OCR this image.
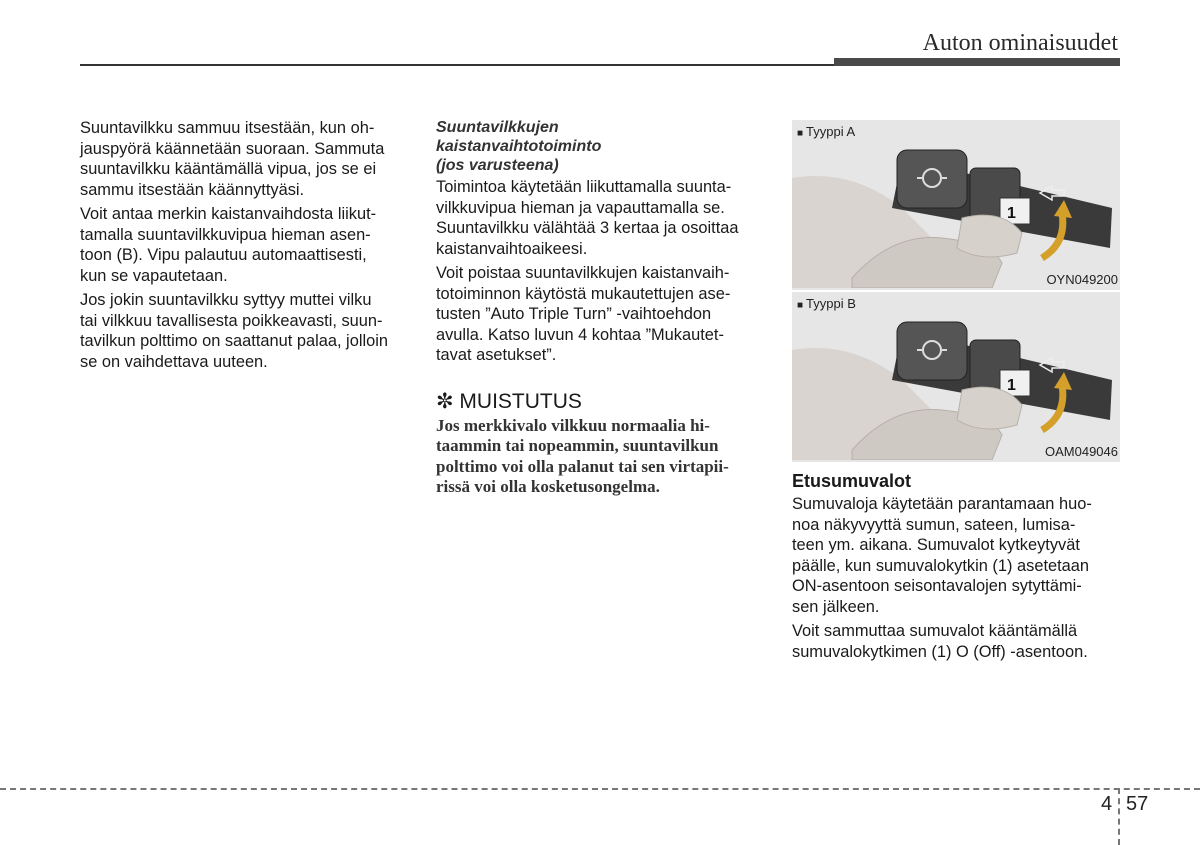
Auton ominaisuudet

Suuntavilkku sammuu itsestään, kun oh-
jauspyörä käännetään suoraan. Sammuta
suuntavilkku kääntämällä vipua, jos se ei
sammu itsestään käännyttyäsi.

Voit antaa merkin kaistanvaihdosta liikut-
tamalla suuntavilkkuvipua hieman asen-
toon (B). Vipu palautuu automaattisesti,
kun se vapautetaan.

Jos jokin suuntavilkku syttyy muttei vilku
tai vilkkuu tavallisesta poikkeavasti, suun-
tavilkun polttimo on saattanut palaa, jolloin
se on vaihdettava uuteen.

Suuntavilkkujen
kaistanvaihtotoiminto
(jos varusteena)

Toimintoa käytetään liikuttamalla suunta-
vilkkuvipua hieman ja vapauttamalla se.
Suuntavilkku välähtää 3 kertaa ja osoittaa
kaistanvaihtoaikeesi.

Voit poistaa suuntavilkkujen kaistanvaih-
totoiminnon käytöstä mukautettujen ase-
tusten ”Auto Triple Turn” -vaihtoehdon
avulla. Katso luvun 4 kohtaa ”Mukautet-
tavat asetukset”.

✼ MUISTUTUS
Jos merkkivalo vilkkuu normaalia hi-
taammin tai nopeammin, suuntavilkun
polttimo voi olla palanut tai sen virtapii-
rissä voi olla kosketusongelma.
■ Tyyppi A
1
OYN049200
■ Tyyppi B
1
OAM049046
Etusumuvalot

Sumuvaloja käytetään parantamaan huo-
noa näkyvyyttä sumun, sateen, lumisa-
teen ym. aikana. Sumuvalot kytkeytyvät
päälle, kun sumuvalokytkin (1) asetetaan
ON-asentoon seisontavalojen sytyttämi-
sen jälkeen.

Voit sammuttaa sumuvalot kääntämällä
sumuvalokytkimen (1) O (Off) -asentoon.

4 57
